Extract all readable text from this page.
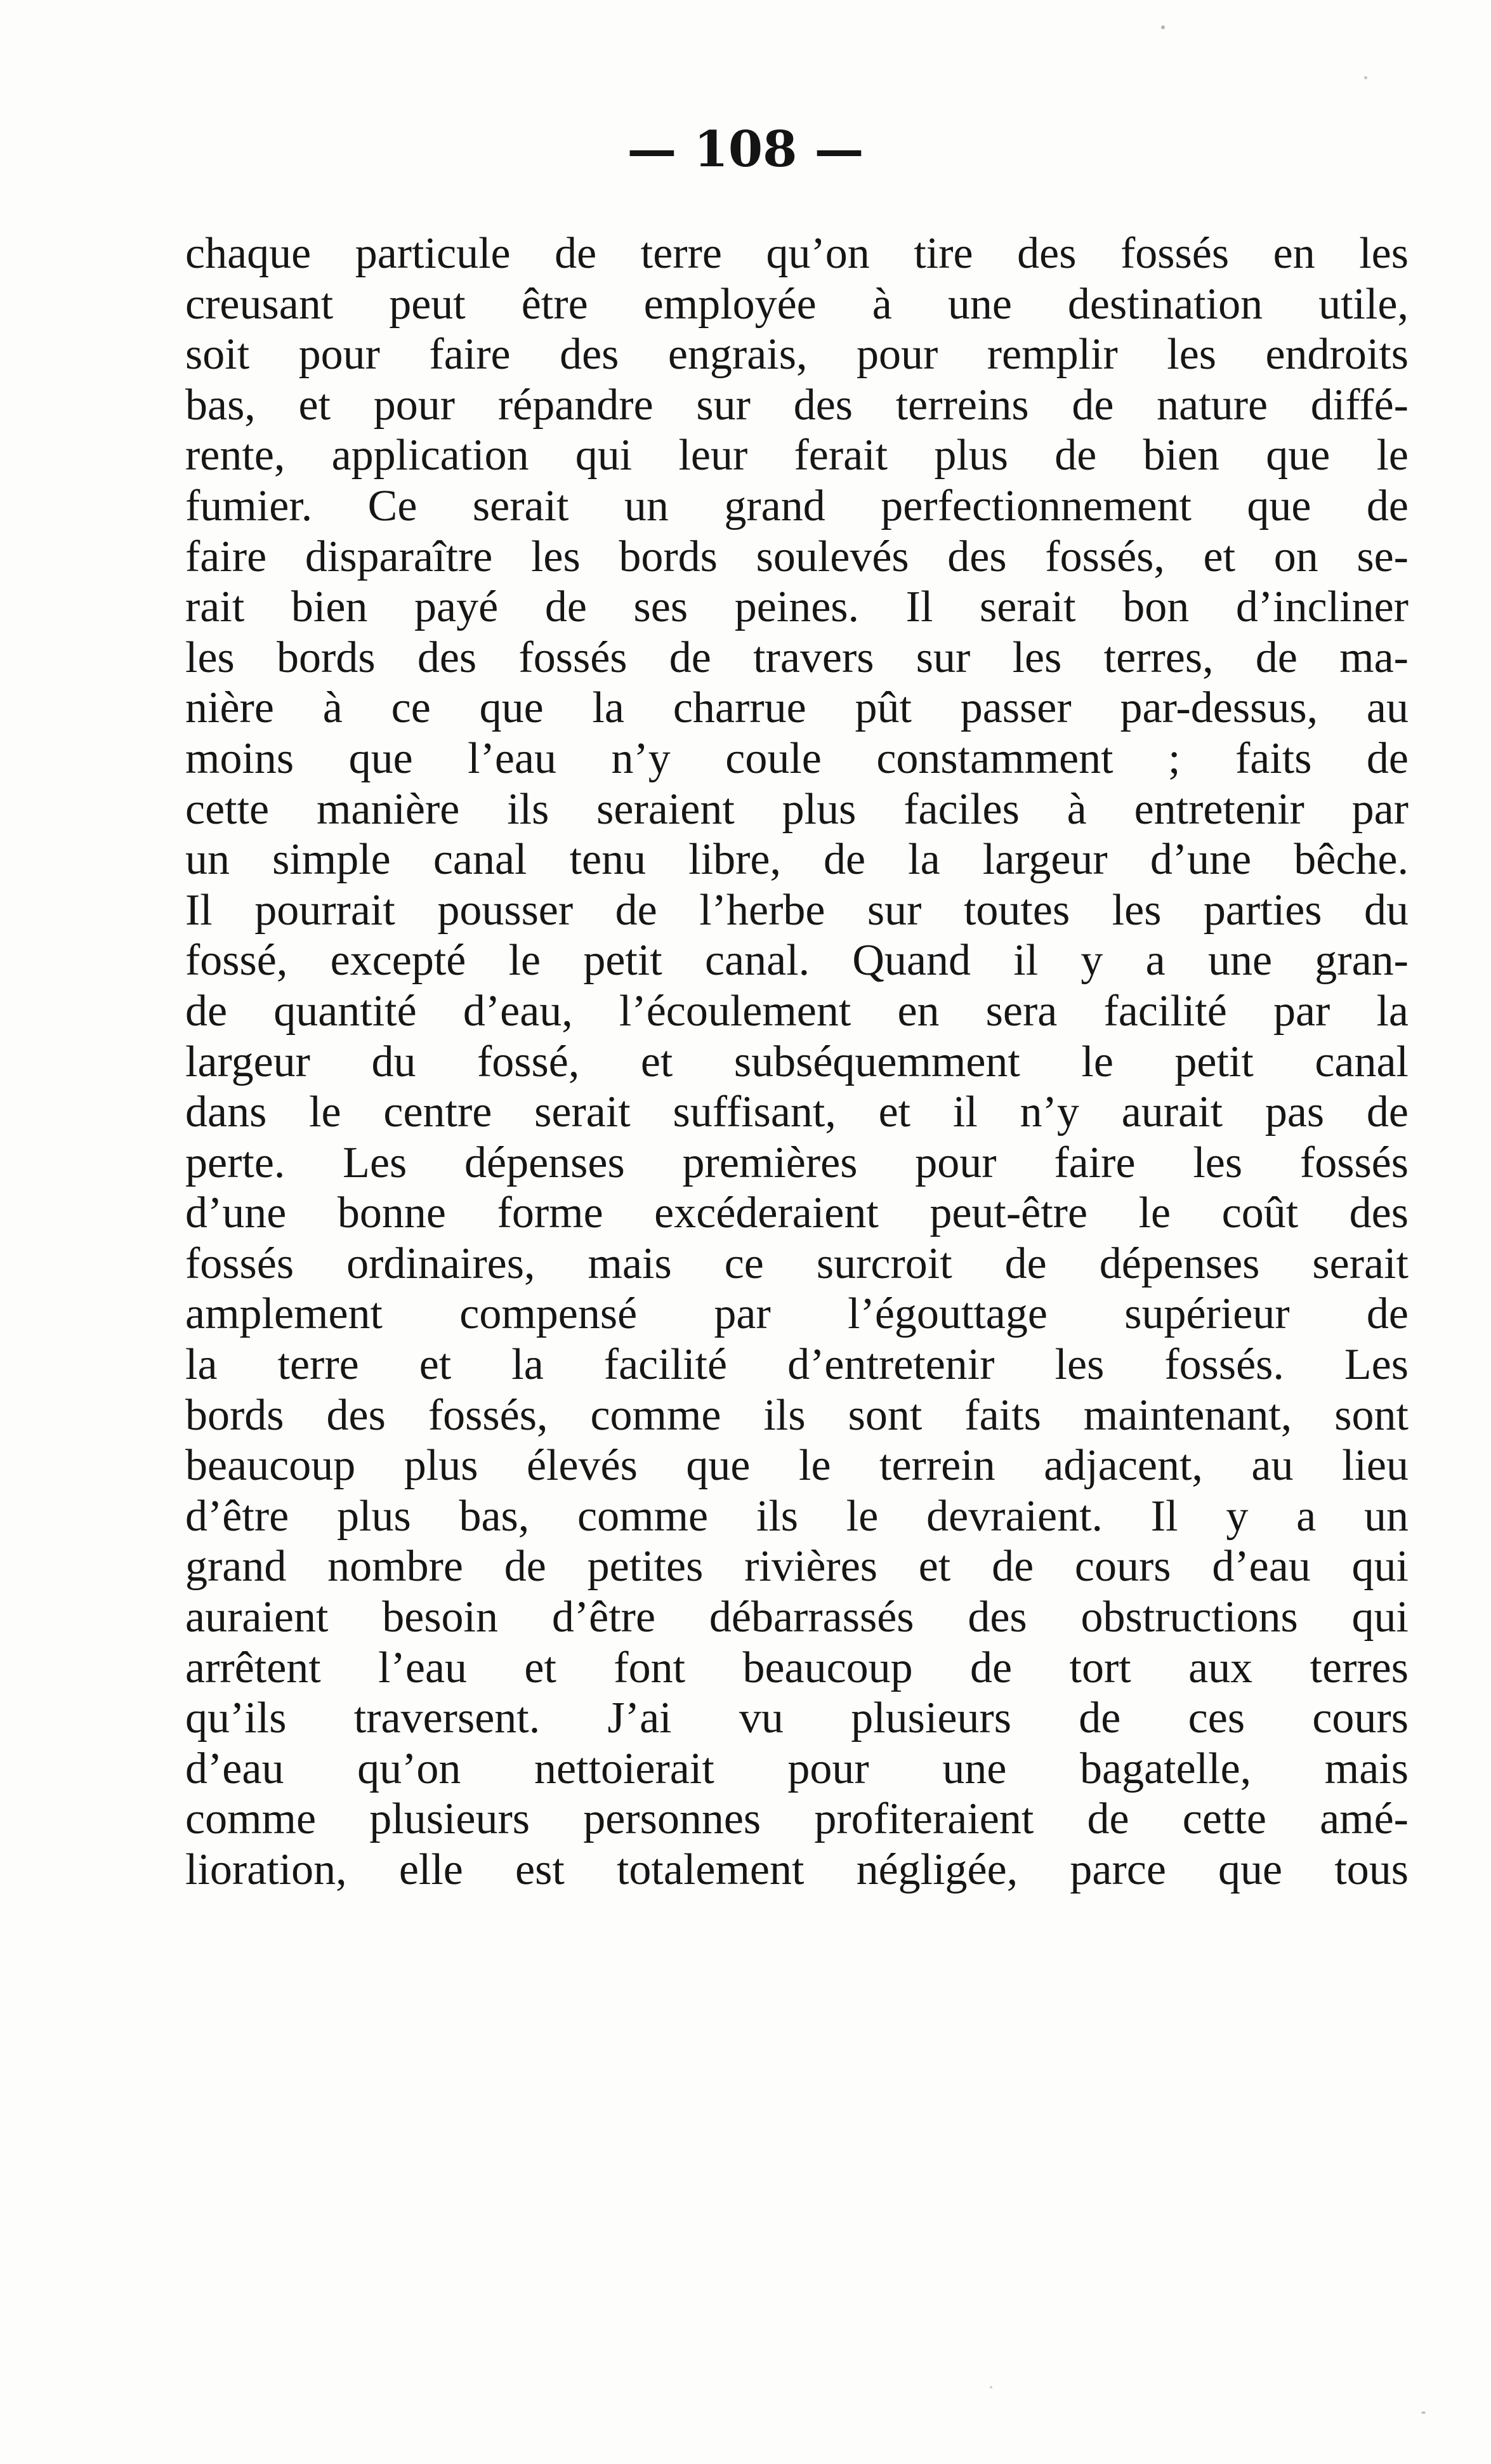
— 108 —
chaque particule de terre qu’on tire des fossés en les
creusant peut être employée à une destination utile,
soit pour faire des engrais, pour remplir les endroits
bas, et pour répandre sur des terreins de nature diffé-
rente, application qui leur ferait plus de bien que le
fumier. Ce serait un grand perfectionnement que de
faire disparaître les bords soulevés des fossés, et on se-
rait bien payé de ses peines. Il serait bon d’incliner
les bords des fossés de travers sur les terres, de ma-
nière à ce que la charrue pût passer par-dessus, au
moins que l’eau n’y coule constamment ; faits de
cette manière ils seraient plus faciles à entretenir par
un simple canal tenu libre, de la largeur d’une bêche.
Il pourrait pousser de l’herbe sur toutes les parties du
fossé, excepté le petit canal. Quand il y a une gran-
de quantité d’eau, l’écoulement en sera facilité par la
largeur du fossé, et subséquemment le petit canal
dans le centre serait suffisant, et il n’y aurait pas de
perte. Les dépenses premières pour faire les fossés
d’une bonne forme excéderaient peut-être le coût des
fossés ordinaires, mais ce surcroit de dépenses serait
amplement compensé par l’égouttage supérieur de
la terre et la facilité d’entretenir les fossés. Les
bords des fossés, comme ils sont faits maintenant, sont
beaucoup plus élevés que le terrein adjacent, au lieu
d’être plus bas, comme ils le devraient. Il y a un
grand nombre de petites rivières et de cours d’eau qui
auraient besoin d’être débarrassés des obstructions qui
arrêtent l’eau et font beaucoup de tort aux terres
qu’ils traversent. J’ai vu plusieurs de ces cours
d’eau qu’on nettoierait pour une bagatelle, mais
comme plusieurs personnes profiteraient de cette amé-
lioration, elle est totalement négligée, parce que tous
